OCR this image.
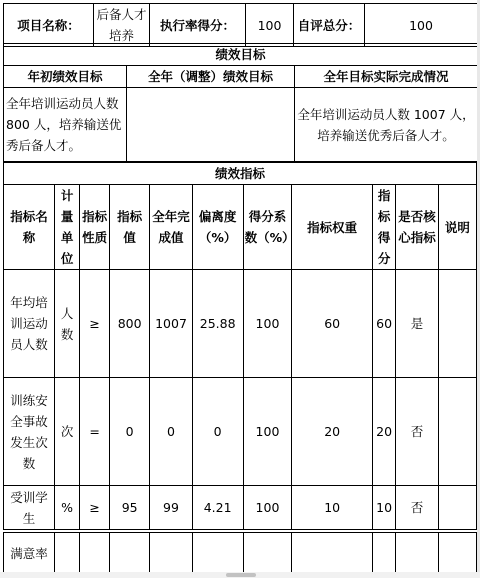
项目名称：	后备人才培养	执行率得分：	100	自评总分：	100
绩效目标		
年初绩效目标	全年（调整）绩效目标	全年目标实际完成情况
全年培训运动员人数 800 人，培养输送优秀后备人才。		全年培训运动员人数 1007 人，培养输送优秀后备人才。
绩效指标										
指标名称	计量单位	指标性质	指标值	全年完成值	偏离度（%）	得分系数（%）	指标权重	指标得分	是否核心指标	说明
年均培训运动员人数	人数	≥	800	1007	25.88	100	60	60	是	
训练安全事故发生次数	次	=	0	0	0	100	20	20	否	
受训学生	%	≥	95	99	4.21	100	10	10	否	
满意率										
